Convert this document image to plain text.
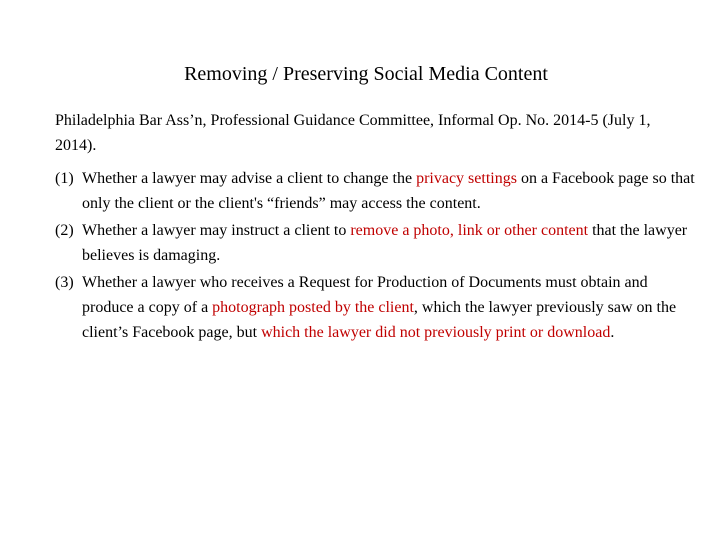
Removing / Preserving Social Media Content

Philadelphia Bar Ass’n, Professional Guidance Committee, Informal Op. No. 2014-5 (July 1, 2014).

(1) Whether a lawyer may advise a client to change the privacy settings on a Facebook page so that only the client or the client's “friends” may access the content.
(2) Whether a lawyer may instruct a client to remove a photo, link or other content that the lawyer believes is damaging.
(3) Whether a lawyer who receives a Request for Production of Documents must obtain and produce a copy of a photograph posted by the client, which the lawyer previously saw on the client’s Facebook page, but which the lawyer did not previously print or download.
